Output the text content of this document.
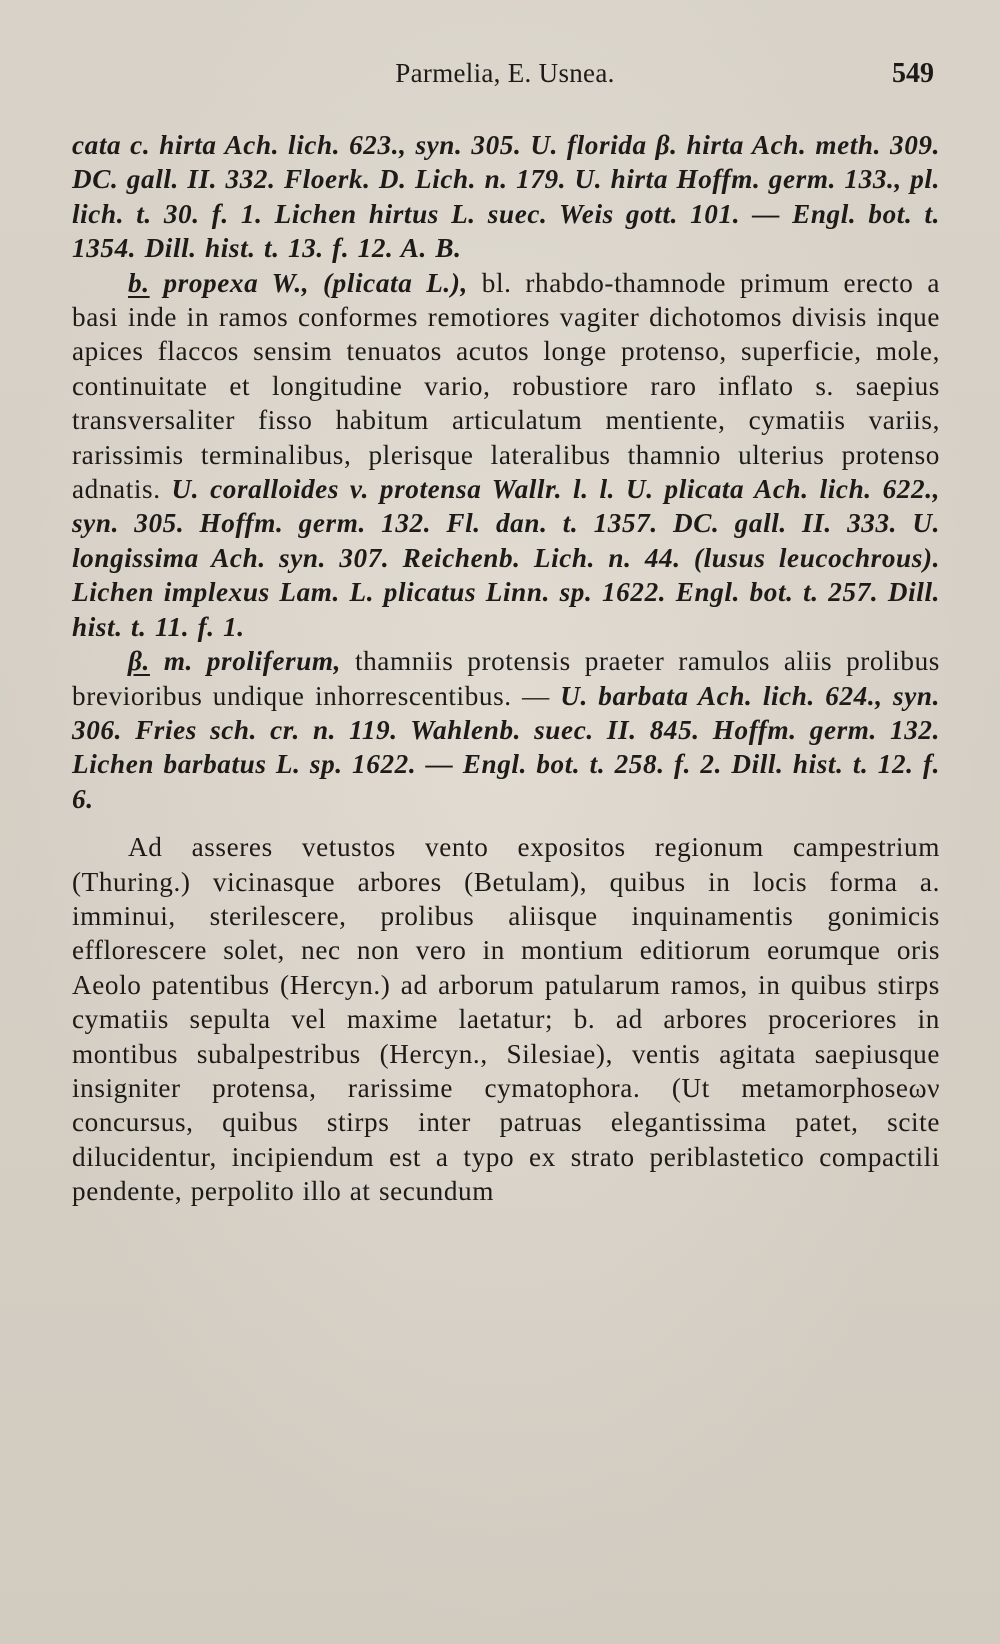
Parmelia, E. Usnea.	549

cata c. hirta Ach. lich. 623., syn. 305. U. florida β. hirta Ach. meth. 309. DC. gall. II. 332. Floerk. D. Lich. n. 179. U. hirta Hoffm. germ. 133., pl. lich. t. 30. f. 1. Lichen hirtus L. suec. Weis gott. 101. — Engl. bot. t. 1354. Dill. hist. t. 13. f. 12. A. B.

b. propexa W., (plicata L.), bl. rhabdo-thamnode primum erecto a basi inde in ramos conformes remotiores vagiter dichotomos divisis inque apices flaccos sensim tenuatos acutos longe protenso, superficie, mole, continuitate et longitudine vario, robustiore raro inflato s. saepius transversaliter fisso habitum articulatum mentiente, cymatiis variis, rarissimis terminalibus, plerisque lateralibus thamnio ulterius protenso adnatis. U. coralloides v. protensa Wallr. l. l. U. plicata Ach. lich. 622., syn. 305. Hoffm. germ. 132. Fl. dan. t. 1357. DC. gall. II. 333. U. longissima Ach. syn. 307. Reichenb. Lich. n. 44. (lusus leucochrous). Lichen implexus Lam. L. plicatus Linn. sp. 1622. Engl. bot. t. 257. Dill. hist. t. 11. f. 1.

β. m. proliferum, thamniis protensis praeter ramulos aliis prolibus brevioribus undique inhorrescentibus. — U. barbata Ach. lich. 624., syn. 306. Fries sch. cr. n. 119. Wahlenb. suec. II. 845. Hoffm. germ. 132. Lichen barbatus L. sp. 1622. — Engl. bot. t. 258. f. 2. Dill. hist. t. 12. f. 6.

Ad asseres vetustos vento expositos regionum campestrium (Thuring.) vicinasque arbores (Betulam), quibus in locis forma a. imminui, sterilescere, prolibus aliisque inquinamentis gonimicis efflorescere solet, nec non vero in montium editiorum eorumque oris Aeolo patentibus (Hercyn.) ad arborum patularum ramos, in quibus stirps cymatiis sepulta vel maxime laetatur; b. ad arbores proceriores in montibus subalpestribus (Hercyn., Silesiae), ventis agitata saepiusque insigniter protensa, rarissime cymatophora. (Ut metamorphoseων concursus, quibus stirps inter patruas elegantissima patet, scite dilucidentur, incipiendum est a typo ex strato periblastetico compactili pendente, perpolito illo at secundum
